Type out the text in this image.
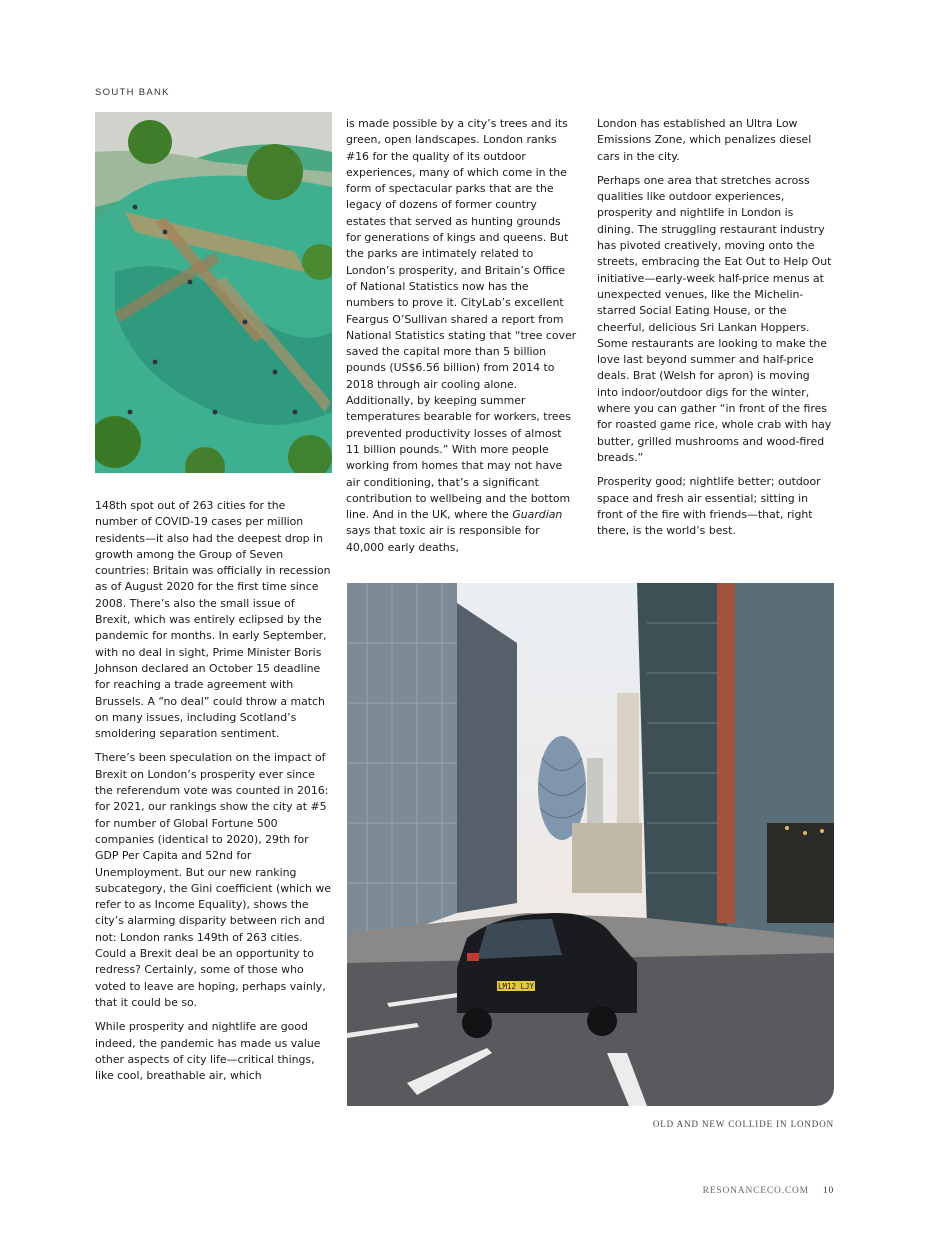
SOUTH BANK

148th spot out of 263 cities for the number of COVID-19 cases per million residents—it also had the deepest drop in growth among the Group of Seven countries: Britain was officially in recession as of August 2020 for the first time since 2008. There’s also the small issue of Brexit, which was entirely eclipsed by the pandemic for months. In early September, with no deal in sight, Prime Minister Boris Johnson declared an October 15 deadline for reaching a trade agreement with Brussels. A “no deal” could throw a match on many issues, including Scotland’s smoldering separation sentiment.

There’s been speculation on the impact of Brexit on London’s prosperity ever since the referendum vote was counted in 2016: for 2021, our rankings show the city at #5 for number of Global Fortune 500 companies (identical to 2020), 29th for GDP Per Capita and 52nd for Unemployment. But our new ranking subcategory, the Gini coefficient (which we refer to as Income Equality), shows the city’s alarming disparity between rich and not: London ranks 149th of 263 cities. Could a Brexit deal be an opportunity to redress? Certainly, some of those who voted to leave are hoping, perhaps vainly, that it could be so.

While prosperity and nightlife are good indeed, the pandemic has made us value other aspects of city life—critical things, like cool, breathable air, which

is made possible by a city’s trees and its green, open landscapes. London ranks #16 for the quality of its outdoor experiences, many of which come in the form of spectacular parks that are the legacy of dozens of former country estates that served as hunting grounds for generations of kings and queens. But the parks are intimately related to London’s prosperity, and Britain’s Office of National Statistics now has the numbers to prove it. CityLab’s excellent Feargus O’Sullivan shared a report from National Statistics stating that “tree cover saved the capital more than 5 billion pounds (US$6.56 billion) from 2014 to 2018 through air cooling alone. Additionally, by keeping summer temperatures bearable for workers, trees prevented productivity losses of almost 11 billion pounds.” With more people working from homes that may not have air conditioning, that’s a significant contribution to wellbeing and the bottom line. And in the UK, where the Guardian says that toxic air is responsible for 40,000 early deaths,

London has established an Ultra Low Emissions Zone, which penalizes diesel cars in the city.

Perhaps one area that stretches across qualities like outdoor experiences, prosperity and nightlife in London is dining. The struggling restaurant industry has pivoted creatively, moving onto the streets, embracing the Eat Out to Help Out initiative—early-week half-price menus at unexpected venues, like the Michelin-starred Social Eating House, or the cheerful, delicious Sri Lankan Hoppers. Some restaurants are looking to make the love last beyond summer and half-price deals. Brat (Welsh for apron) is moving into indoor/outdoor digs for the winter, where you can gather “in front of the fires for roasted game rice, whole crab with hay butter, grilled mushrooms and wood-fired breads.”

Prosperity good; nightlife better; outdoor space and fresh air essential; sitting in front of the fire with friends—that, right there, is the world’s best.

LM12 LJY
OLD AND NEW COLLIDE IN LONDON
RESONANCECO.COM 10
